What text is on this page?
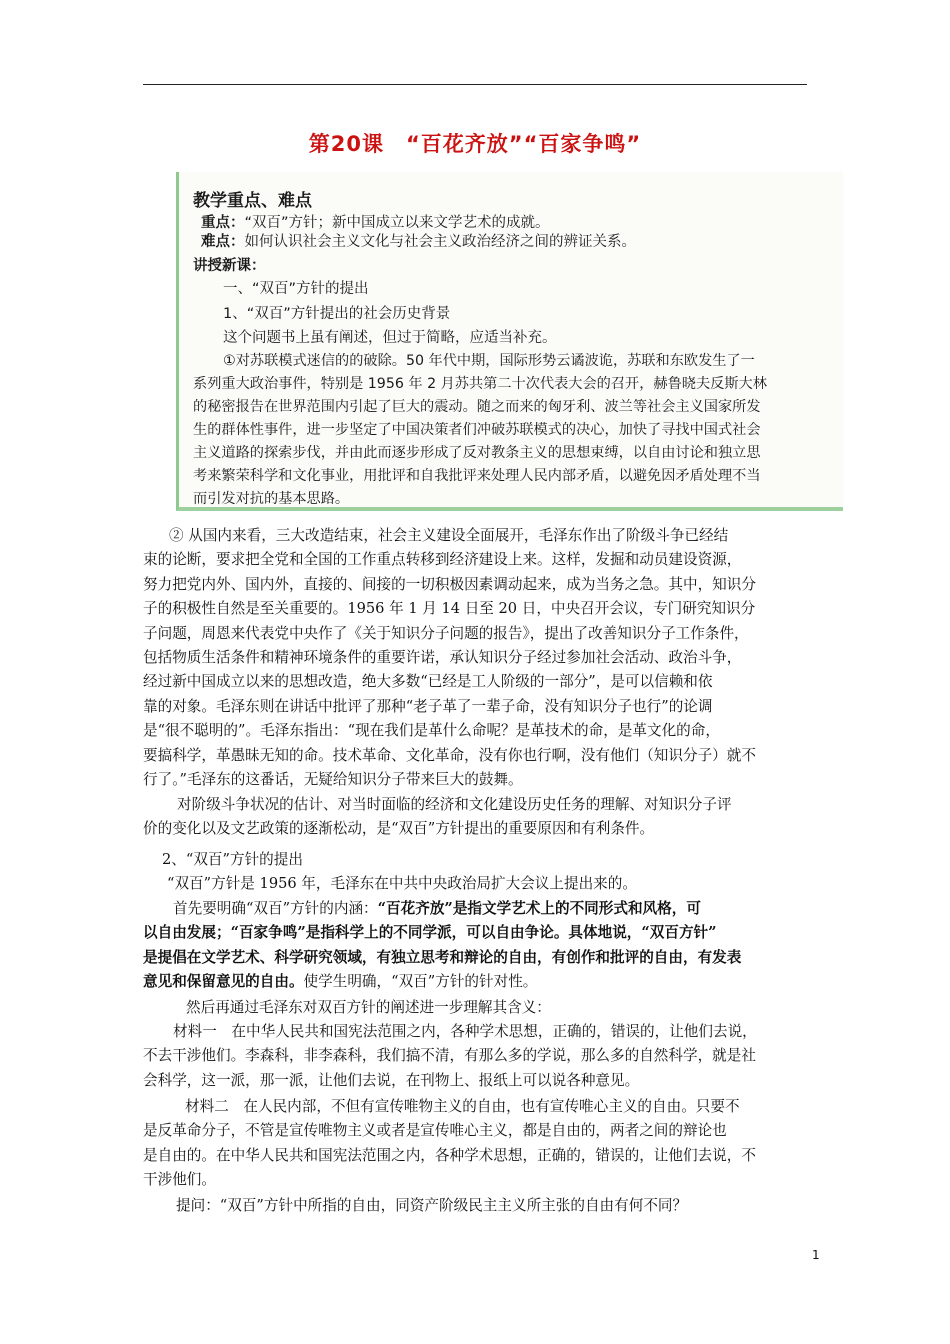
第20课　“百花齐放”“百家争鸣”
教学重点、难点
重点：“双百”方针；新中国成立以来文学艺术的成就。
难点：如何认识社会主义文化与社会主义政治经济之间的辨证关系。
讲授新课：
一、“双百”方针的提出
1、“双百”方针提出的社会历史背景
这个问题书上虽有阐述，但过于简略，应适当补充。
①对苏联模式迷信的的破除。50 年代中期，国际形势云谲波诡，苏联和东欧发生了一
系列重大政治事件，特别是 1956 年 2 月苏共第二十次代表大会的召开，赫鲁晓夫反斯大林
的秘密报告在世界范围内引起了巨大的震动。随之而来的匈牙利、波兰等社会主义国家所发
生的群体性事件，进一步坚定了中国决策者们冲破苏联模式的决心，加快了寻找中国式社会
主义道路的探索步伐，并由此而逐步形成了反对教条主义的思想束缚，以自由讨论和独立思
考来繁荣科学和文化事业，用批评和自我批评来处理人民内部矛盾，以避免因矛盾处理不当
而引发对抗的基本思路。

② 从国内来看，三大改造结束，社会主义建设全面展开，毛泽东作出了阶级斗争已经结

束的论断，要求把全党和全国的工作重点转移到经济建设上来。这样，发掘和动员建设资源，

努力把党内外、国内外，直接的、间接的一切积极因素调动起来，成为当务之急。其中，知识分

子的积极性自然是至关重要的。1956 年 1 月 14 日至 20 日，中央召开会议，专门研究知识分

子问题，周恩来代表党中央作了《关于知识分子问题的报告》，提出了改善知识分子工作条件，

包括物质生活条件和精神环境条件的重要许诺，承认知识分子经过参加社会活动、政治斗争，

经过新中国成立以来的思想改造，绝大多数“已经是工人阶级的一部分”，是可以信赖和依

靠的对象。毛泽东则在讲话中批评了那种“老子革了一辈子命，没有知识分子也行”的论调

是“很不聪明的”。毛泽东指出：“现在我们是革什么命呢？是革技术的命，是革文化的命，

要搞科学，革愚昧无知的命。技术革命、文化革命，没有你也行啊，没有他们（知识分子）就不

行了。”毛泽东的这番话，无疑给知识分子带来巨大的鼓舞。

对阶级斗争状况的估计、对当时面临的经济和文化建设历史任务的理解、对知识分子评

价的变化以及文艺政策的逐渐松动，是“双百”方针提出的重要原因和有利条件。

2、“双百”方针的提出
“双百”方针是 1956 年，毛泽东在中共中央政治局扩大会议上提出来的。

首先要明确“双百”方针的内涵：“百花齐放”是指文学艺术上的不同形式和风格，可

以自由发展；“百家争鸣”是指科学上的不同学派，可以自由争论。具体地说，“双百方针”

是提倡在文学艺术、科学研究领域，有独立思考和辩论的自由，有创作和批评的自由，有发表

意见和保留意见的自由。使学生明确，“双百”方针的针对性。

然后再通过毛泽东对双百方针的阐述进一步理解其含义：

材料一　在中华人民共和国宪法范围之内，各种学术思想，正确的，错误的，让他们去说，

不去干涉他们。李森科，非李森科，我们搞不清，有那么多的学说，那么多的自然科学，就是社

会科学，这一派，那一派，让他们去说，在刊物上、报纸上可以说各种意见。

材料二　在人民内部，不但有宣传唯物主义的自由，也有宣传唯心主义的自由。只要不

是反革命分子，不管是宣传唯物主义或者是宣传唯心主义，都是自由的，两者之间的辩论也

是自由的。在中华人民共和国宪法范围之内，各种学术思想，正确的，错误的，让他们去说，不

干涉他们。

提问：“双百”方针中所指的自由，同资产阶级民主主义所主张的自由有何不同？
1
